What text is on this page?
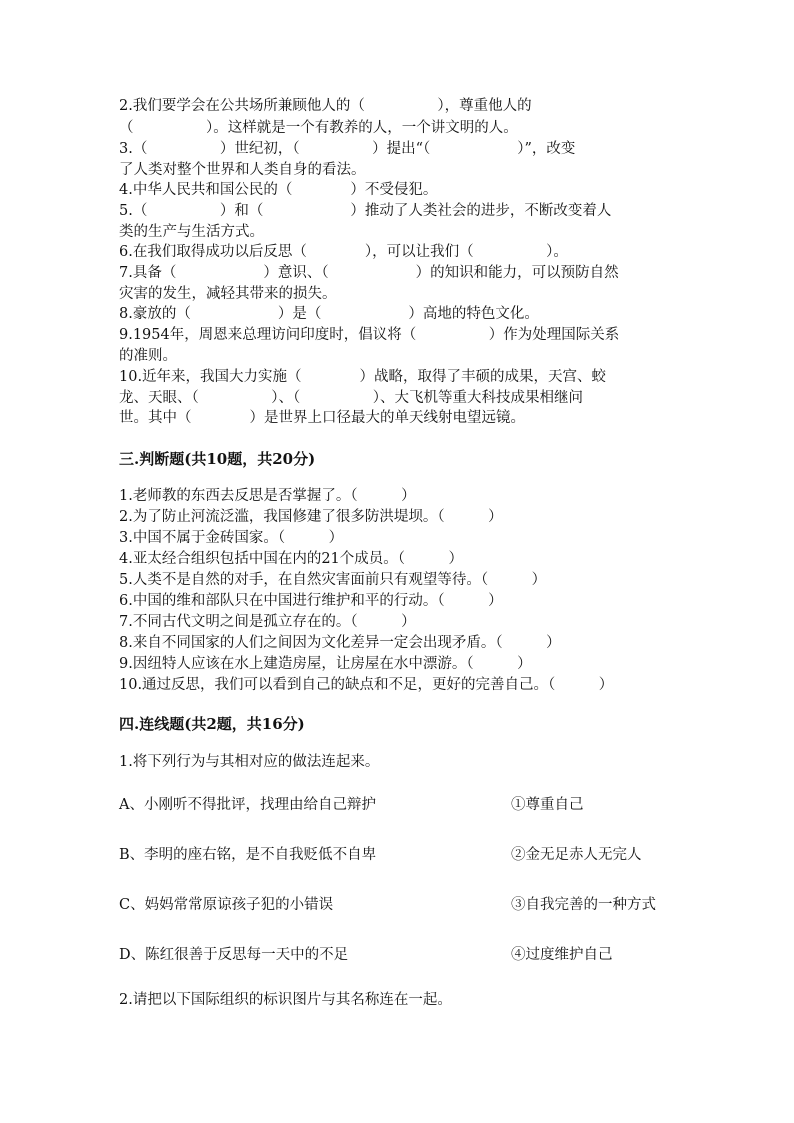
2.我们要学会在公共场所兼顾他人的（　　　　　），尊重他人的
（　　　　　）。这样就是一个有教养的人，一个讲文明的人。
3.（　　　　　）世纪初，（　　　　　）提出“（　　　　　　）”，改变
了人类对整个世界和人类自身的看法。
4.中华人民共和国公民的（　　　　）不受侵犯。
5.（　　　　　）和（　　　　　　）推动了人类社会的进步，不断改变着人
类的生产与生活方式。
6.在我们取得成功以后反思（　　　　），可以让我们（　　　　　）。
7.具备（　　　　　　）意识、（　　　　　　）的知识和能力，可以预防自然
灾害的发生，减轻其带来的损失。
8.豪放的（　　　　　　）是（　　　　　　）高地的特色文化。
9.1954年，周恩来总理访问印度时，倡议将（　　　　　）作为处理国际关系
的准则。
10.近年来，我国大力实施（　　　　）战略，取得了丰硕的成果，天宫、蛟
龙、天眼、（　　　　　）、（　　　　　）、大飞机等重大科技成果相继问
世。其中（　　　　）是世界上口径最大的单天线射电望远镜。
三.判断题(共10题，共20分)
1.老师教的东西去反思是否掌握了。（　　　）
2.为了防止河流泛滥，我国修建了很多防洪堤坝。（　　　）
3.中国不属于金砖国家。（　　　）
4.亚太经合组织包括中国在内的21个成员。（　　　）
5.人类不是自然的对手，在自然灾害面前只有观望等待。（　　　）
6.中国的维和部队只在中国进行维护和平的行动。（　　　）
7.不同古代文明之间是孤立存在的。（　　　）
8.来自不同国家的人们之间因为文化差异一定会出现矛盾。（　　　）
9.因纽特人应该在水上建造房屋，让房屋在水中漂游。（　　　）
10.通过反思，我们可以看到自己的缺点和不足，更好的完善自己。（　　　）
四.连线题(共2题，共16分)
1.将下列行为与其相对应的做法连起来。
A、小刚听不得批评，找理由给自己辩护	①尊重自己
B、李明的座右铭，是不自我贬低不自卑	②金无足赤人无完人
C、妈妈常常原谅孩子犯的小错误	③自我完善的一种方式
D、陈红很善于反思每一天中的不足	④过度维护自己
2.请把以下国际组织的标识图片与其名称连在一起。
